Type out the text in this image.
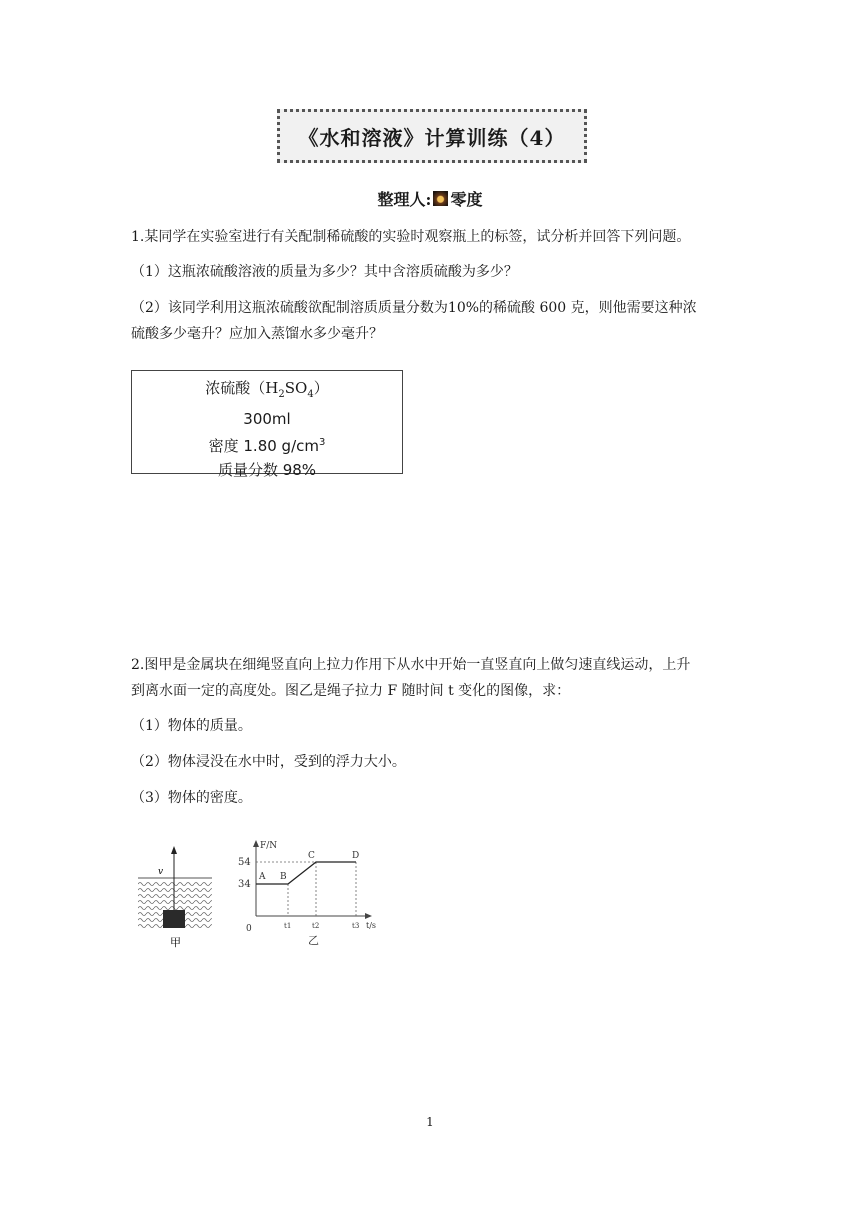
《水和溶液》计算训练（4）
整理人: 零度
1.某同学在实验室进行有关配制稀硫酸的实验时观察瓶上的标签，试分析并回答下列问题。
（1）这瓶浓硫酸溶液的质量为多少？其中含溶质硫酸为多少？
（2）该同学利用这瓶浓硫酸欲配制溶质质量分数为10%的稀硫酸 600 克，则他需要这种浓
硫酸多少毫升？应加入蒸馏水多少毫升？
浓硫酸$(H_2SO_4)$
300ml
密度 1.80 $g/cm^3$
质量分数 98%
2.图甲是金属块在细绳竖直向上拉力作用下从水中开始一直竖直向上做匀速直线运动，上升
到离水面一定的高度处。图乙是绳子拉力 F 随时间 t 变化的图像，求：
（1）物体的质量。
（2）物体浸没在水中时，受到的浮力大小。
（3）物体的密度。
v
甲
F/N
t/s
54
34
0	t1	t2	t3
A B
C	D
乙
1
